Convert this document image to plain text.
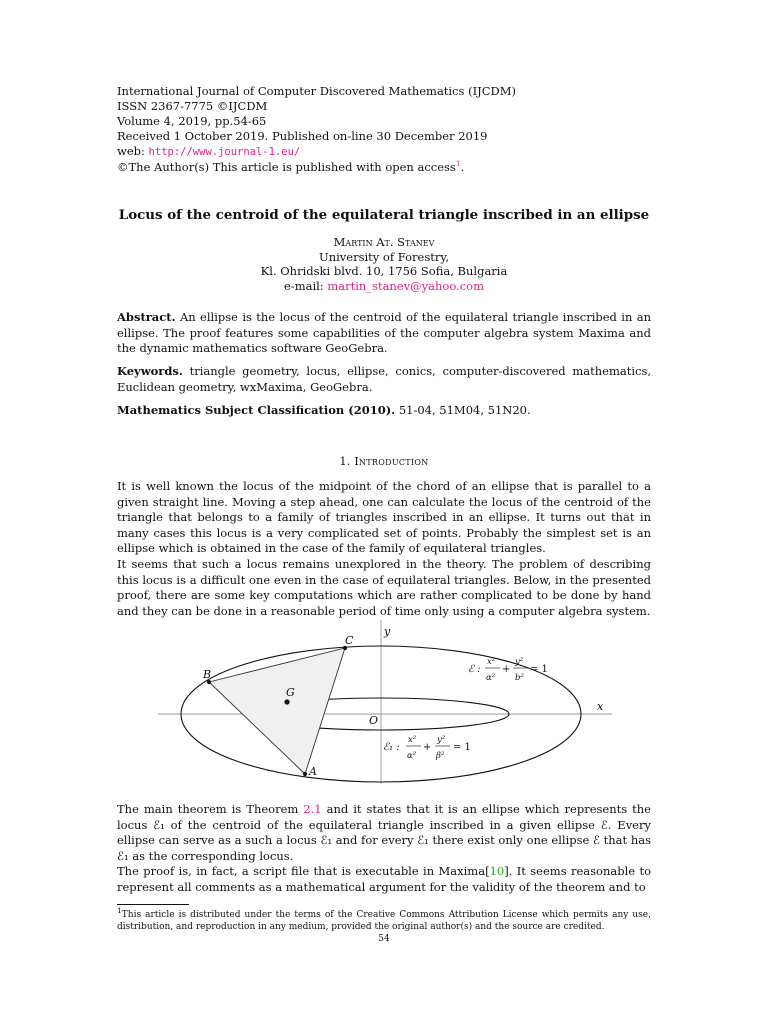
International Journal of Computer Discovered Mathematics (IJCDM)
ISSN 2367-7775 ©IJCDM
Volume 4, 2019, pp.54-65
Received 1 October 2019. Published on-line 30 December 2019
web: http://www.journal-1.eu/
©The Author(s) This article is published with open access$^1$.
Locus of the centroid of the equilateral triangle inscribed in an ellipse
Martin At. Stanev
University of Forestry,
Kl. Ohridski blvd. 10, 1756 Sofia, Bulgaria
e-mail: martin_stanev@yahoo.com
Abstract. An ellipse is the locus of the centroid of the equilateral triangle inscribed in an ellipse. The proof features some capabilities of the computer algebra system Maxima and the dynamic mathematics software GeoGebra.
Keywords. triangle geometry, locus, ellipse, conics, computer-discovered mathematics, Euclidean geometry, wxMaxima, GeoGebra.
Mathematics Subject Classification (2010). 51-04, 51M04, 51N20.
1. Introduction
It is well known the locus of the midpoint of the chord of an ellipse that is parallel to a given straight line. Moving a step ahead, one can calculate the locus of the centroid of the triangle that belongs to a family of triangles inscribed in an ellipse. It turns out that in many cases this locus is a very complicated set of points. Probably the simplest set is an ellipse which is obtained in the case of the family of equilateral triangles.
It seems that such a locus remains unexplored in the theory. The problem of describing this locus is a difficult one even in the case of equilateral triangles. Below, in the presented proof, there are some key computations which are rather complicated to be done by hand and they can be done in a reasonable period of time only using a computer algebra system.
The main theorem is Theorem 2.1 and it states that it is an ellipse which represents the locus ℰ₁ of the centroid of the equilateral triangle inscribed in a given ellipse ℰ. Every ellipse can serve as a such a locus ℰ₁ and for every ℰ₁ there exist only one ellipse ℰ that has ℰ₁ as the corresponding locus.
The proof is, in fact, a script file that is executable in Maxima[10]. It seems reasonable to represent all comments as a mathematical argument for the validity of the theorem and to
$^1$This article is distributed under the terms of the Creative Commons Attribution License which permits any use, distribution, and reproduction in any medium, provided the original author(s) and the source are credited.
54
B
C
A
G
O
x
y
ℰ :
x²
α²
+
y²
b²
= 1
ℰ₁ :
x²
α²
+
y²
β²
= 1
